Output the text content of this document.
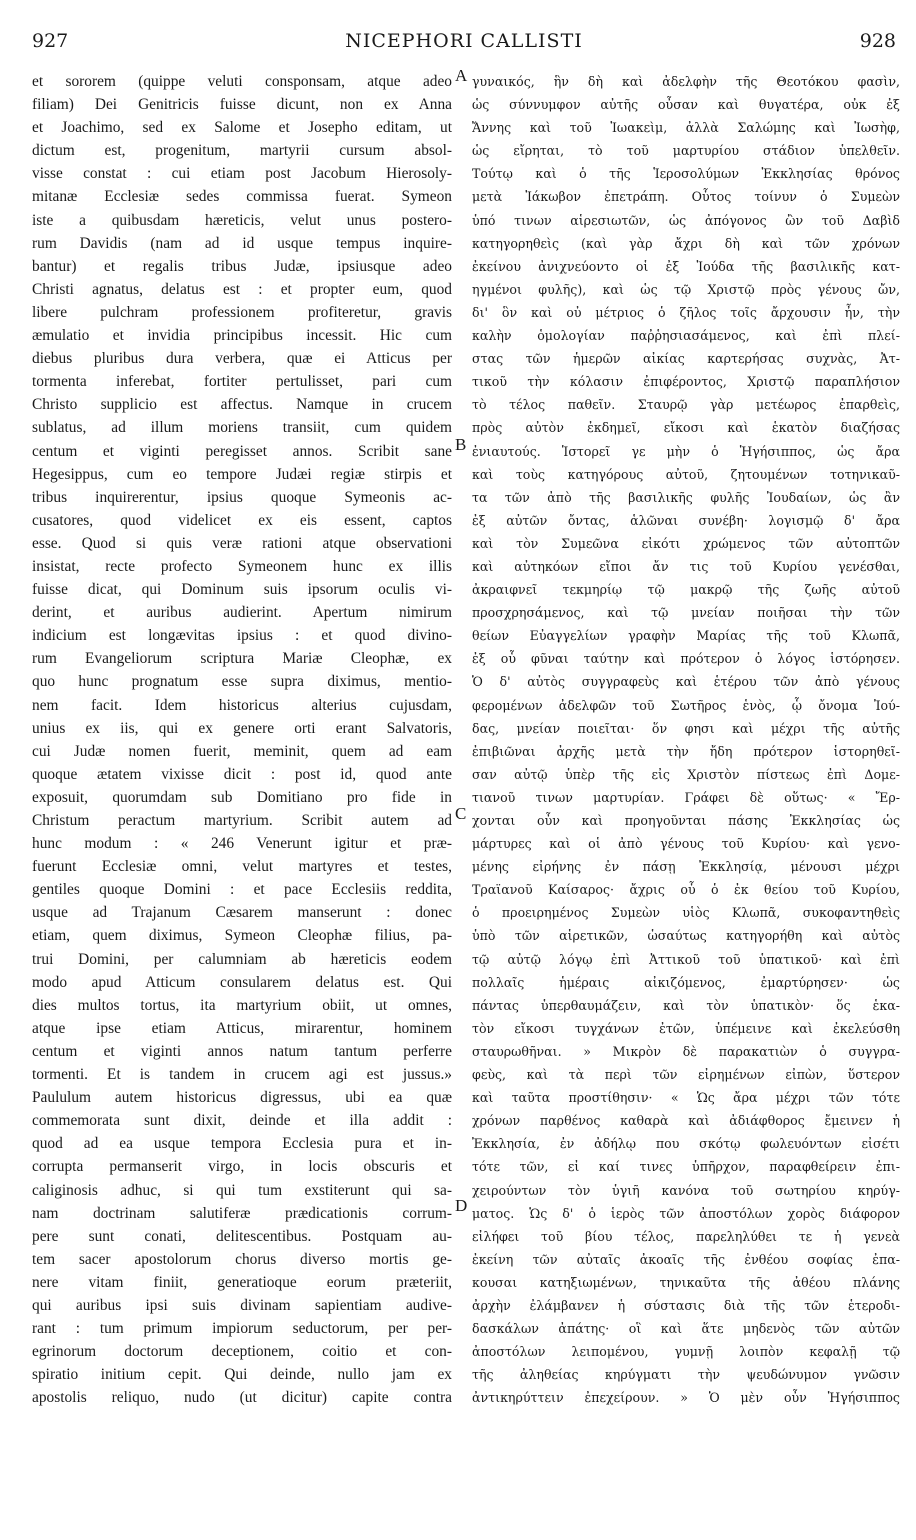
927	NICEPHORI CALLISTI	928
et sororem (quippe veluti consponsam, atque adeo
filiam) Dei Genitricis fuisse dicunt, non ex Anna
et Joachimo, sed ex Salome et Josepho editam, ut
dictum est, progenitum, martyrii cursum absol-
visse constat : cui etiam post Jacobum Hierosoly-
mitanæ Ecclesiæ sedes commissa fuerat. Symeon
iste a quibusdam hæreticis, velut unus postero-
rum Davidis (nam ad id usque tempus inquire-
bantur) et regalis tribus Judæ, ipsiusque adeo
Christi agnatus, delatus est : et propter eum, quod
libere pulchram professionem profiteretur, gravis
æmulatio et invidia principibus incessit. Hic cum
diebus pluribus dura verbera, quæ ei Atticus per
tormenta inferebat, fortiter pertulisset, pari cum
Christo supplicio est affectus. Namque in crucem
sublatus, ad illum moriens transiit, cum quidem
centum et viginti peregisset annos. Scribit sane
Hegesippus, cum eo tempore Judæi regiæ stirpis et
tribus inquirerentur, ipsius quoque Symeonis ac-
cusatores, quod videlicet ex eis essent, captos
esse. Quod si quis veræ rationi atque observationi
insistat, recte profecto Symeonem hunc ex illis
fuisse dicat, qui Dominum suis ipsorum oculis vi-
derint, et auribus audierint. Apertum nimirum
indicium est longævitas ipsius : et quod divino-
rum Evangeliorum scriptura Mariæ Cleophæ, ex
quo hunc prognatum esse supra diximus, mentio-
nem facit. Idem historicus alterius cujusdam,
unius ex iis, qui ex genere orti erant Salvatoris,
cui Judæ nomen fuerit, meminit, quem ad eam
quoque ætatem vixisse dicit : post id, quod ante
exposuit, quorumdam sub Domitiano pro fide in
Christum peractum martyrium. Scribit autem ad
hunc modum : « 246 Venerunt igitur et præ-
fuerunt Ecclesiæ omni, velut martyres et testes,
gentiles quoque Domini : et pace Ecclesiis reddita,
usque ad Trajanum Cæsarem manserunt : donec
etiam, quem diximus, Symeon Cleophæ filius, pa-
trui Domini, per calumniam ab hæreticis eodem
modo apud Atticum consularem delatus est. Qui
dies multos tortus, ita martyrium obiit, ut omnes,
atque ipse etiam Atticus, mirarentur, hominem
centum et viginti annos natum tantum perferre
tormenti. Et is tandem in crucem agi est jussus.»
Paululum autem historicus digressus, ubi ea quæ
commemorata sunt dixit, deinde et illa addit :
quod ad ea usque tempora Ecclesia pura et in-
corrupta permanserit virgo, in locis obscuris et
caliginosis adhuc, si qui tum exstiterunt qui sa-
nam doctrinam salutiferæ prædicationis corrum-
pere sunt conati, delitescentibus. Postquam au-
tem sacer apostolorum chorus diverso mortis ge-
nere vitam finiit, generatioque eorum præteriit,
qui auribus ipsi suis divinam sapientiam audive-
rant : tum primum impiorum seductorum, per per-
egrinorum doctorum deceptionem, coitio et con-
spiratio initium cepit. Qui deinde, nullo jam ex
apostolis reliquo, nudo (ut dicitur) capite contra
γυναικός, ἣν δὴ καὶ ἀδελφὴν τῆς Θεοτόκου φασὶν,
ὡς σύννυμφον αὐτῆς οὖσαν καὶ θυγατέρα, οὐκ ἐξ
Ἄννης καὶ τοῦ Ἰωακεὶμ, ἀλλὰ Σαλώμης καὶ Ἰωσὴφ,
ὡς εἴρηται, τὸ τοῦ μαρτυρίου στάδιον ὑπελθεῖν.
Τούτῳ καὶ ὁ τῆς Ἱεροσολύμων Ἐκκλησίας θρόνος
μετὰ Ἰάκωβον ἐπετράπη. Οὗτος τοίνυν ὁ Συμεὼν
ὑπό τινων αἱρεσιωτῶν, ὡς ἀπόγονος ὢν τοῦ Δαβὶδ
κατηγορηθεὶς (καὶ γὰρ ἄχρι δὴ καὶ τῶν χρόνων
ἐκείνου ἀνιχνεύοντο οἱ ἐξ Ἰούδα τῆς βασιλικῆς κατ-
ηγμένοι φυλῆς), καὶ ὡς τῷ Χριστῷ πρὸς γένους ὤν,
δι' ὃν καὶ οὐ μέτριος ὁ ζῆλος τοῖς ἄρχουσιν ἦν, τὴν
καλὴν ὁμολογίαν παῤῥησιασάμενος, καὶ ἐπὶ πλεί-
στας τῶν ἡμερῶν αἰκίας καρτερήσας συχνὰς, Ἀτ-
τικοῦ τὴν κόλασιν ἐπιφέροντος, Χριστῷ παραπλήσιον
τὸ τέλος παθεῖν. Σταυρῷ γὰρ μετέωρος ἐπαρθεὶς,
πρὸς αὐτὸν ἐκδημεῖ, εἴκοσι καὶ ἑκατὸν διαζήσας
ἐνιαυτούς. Ἱστορεῖ γε μὴν ὁ Ἡγήσιππος, ὡς ἄρα
καὶ τοὺς κατηγόρους αὐτοῦ, ζητουμένων τοτηνικαῦ-
τα τῶν ἀπὸ τῆς βασιλικῆς φυλῆς Ἰουδαίων, ὡς ἂν
ἐξ αὐτῶν ὄντας, ἁλῶναι συνέβη· λογισμῷ δ' ἄρα
καὶ τὸν Συμεῶνα εἰκότι χρώμενος τῶν αὐτοπτῶν
καὶ αὐτηκόων εἴποι ἄν τις τοῦ Κυρίου γενέσθαι,
ἀκραιφνεῖ τεκμηρίῳ τῷ μακρῷ τῆς ζωῆς αὐτοῦ
προσχρησάμενος, καὶ τῷ μνείαν ποιῆσαι τὴν τῶν
θείων Εὐαγγελίων γραφὴν Μαρίας τῆς τοῦ Κλωπᾶ,
ἐξ οὗ φῦναι ταύτην καὶ πρότερον ὁ λόγος ἱστόρησεν.
Ὁ δ' αὐτὸς συγγραφεὺς καὶ ἑτέρου τῶν ἀπὸ γένους
φερομένων ἀδελφῶν τοῦ Σωτῆρος ἑνὸς, ᾧ ὄνομα Ἰού-
δας, μνείαν ποιεῖται· ὅν φησι καὶ μέχρι τῆς αὐτῆς
ἐπιβιῶναι ἀρχῆς μετὰ τὴν ἤδη πρότερον ἱστορηθεῖ-
σαν αὐτῷ ὑπὲρ τῆς εἰς Χριστὸν πίστεως ἐπὶ Δομε-
τιανοῦ τινων μαρτυρίαν. Γράφει δὲ οὕτως· « Ἔρ-
χονται οὖν καὶ προηγοῦνται πάσης Ἐκκλησίας ὡς
μάρτυρες καὶ οἱ ἀπὸ γένους τοῦ Κυρίου· καὶ γενο-
μένης εἰρήνης ἐν πάσῃ Ἐκκλησίᾳ, μένουσι μέχρι
Τραϊανοῦ Καίσαρος· ἄχρις οὗ ὁ ἐκ θείου τοῦ Κυρίου,
ὁ προειρημένος Συμεὼν υἱὸς Κλωπᾶ, συκοφαντηθεὶς
ὑπὸ τῶν αἱρετικῶν, ὡσαύτως κατηγορήθη καὶ αὐτὸς
τῷ αὐτῷ λόγῳ ἐπὶ Ἀττικοῦ τοῦ ὑπατικοῦ· καὶ ἐπὶ
πολλαῖς ἡμέραις αἰκιζόμενος, ἐμαρτύρησεν· ὡς
πάντας ὑπερθαυμάζειν, καὶ τὸν ὑπατικὸν· ὅς ἑκα-
τὸν εἴκοσι τυγχάνων ἐτῶν, ὑπέμεινε καὶ ἐκελεύσθη
σταυρωθῆναι. » Μικρὸν δὲ παρακατιὼν ὁ συγγρα-
φεὺς, καὶ τὰ περὶ τῶν εἰρημένων εἰπὼν, ὕστερον
καὶ ταῦτα προστίθησιν· « Ὡς ἄρα μέχρι τῶν τότε
χρόνων παρθένος καθαρὰ καὶ ἀδιάφθορος ἔμεινεν ἡ
Ἐκκλησία, ἐν ἀδήλῳ που σκότῳ φωλευόντων εἰσέτι
τότε τῶν, εἰ καί τινες ὑπῆρχον, παραφθείρειν ἐπι-
χειρούντων τὸν ὑγιῆ κανόνα τοῦ σωτηρίου κηρύγ-
ματος. Ὡς δ' ὁ ἱερὸς τῶν ἀποστόλων χορὸς διάφορον
εἰλήφει τοῦ βίου τέλος, παρεληλύθει τε ἡ γενεὰ
ἐκείνη τῶν αὐταῖς ἀκοαῖς τῆς ἐνθέου σοφίας ἐπα-
κουσαι κατηξιωμένων, τηνικαῦτα τῆς ἀθέου πλάνης
ἀρχὴν ἐλάμβανεν ἡ σύστασις διὰ τῆς τῶν ἑτεροδι-
δασκάλων ἀπάτης· οἳ καὶ ἅτε μηδενὸς τῶν αὐτῶν
ἀποστόλων λειπομένου, γυμνῇ λοιπὸν κεφαλῇ τῷ
τῆς ἀληθείας κηρύγματι τὴν ψευδώνυμον γνῶσιν
ἀντικηρύττειν ἐπεχείρουν. » Ὁ μὲν οὖν Ἡγήσιππος
A
B
C
D
